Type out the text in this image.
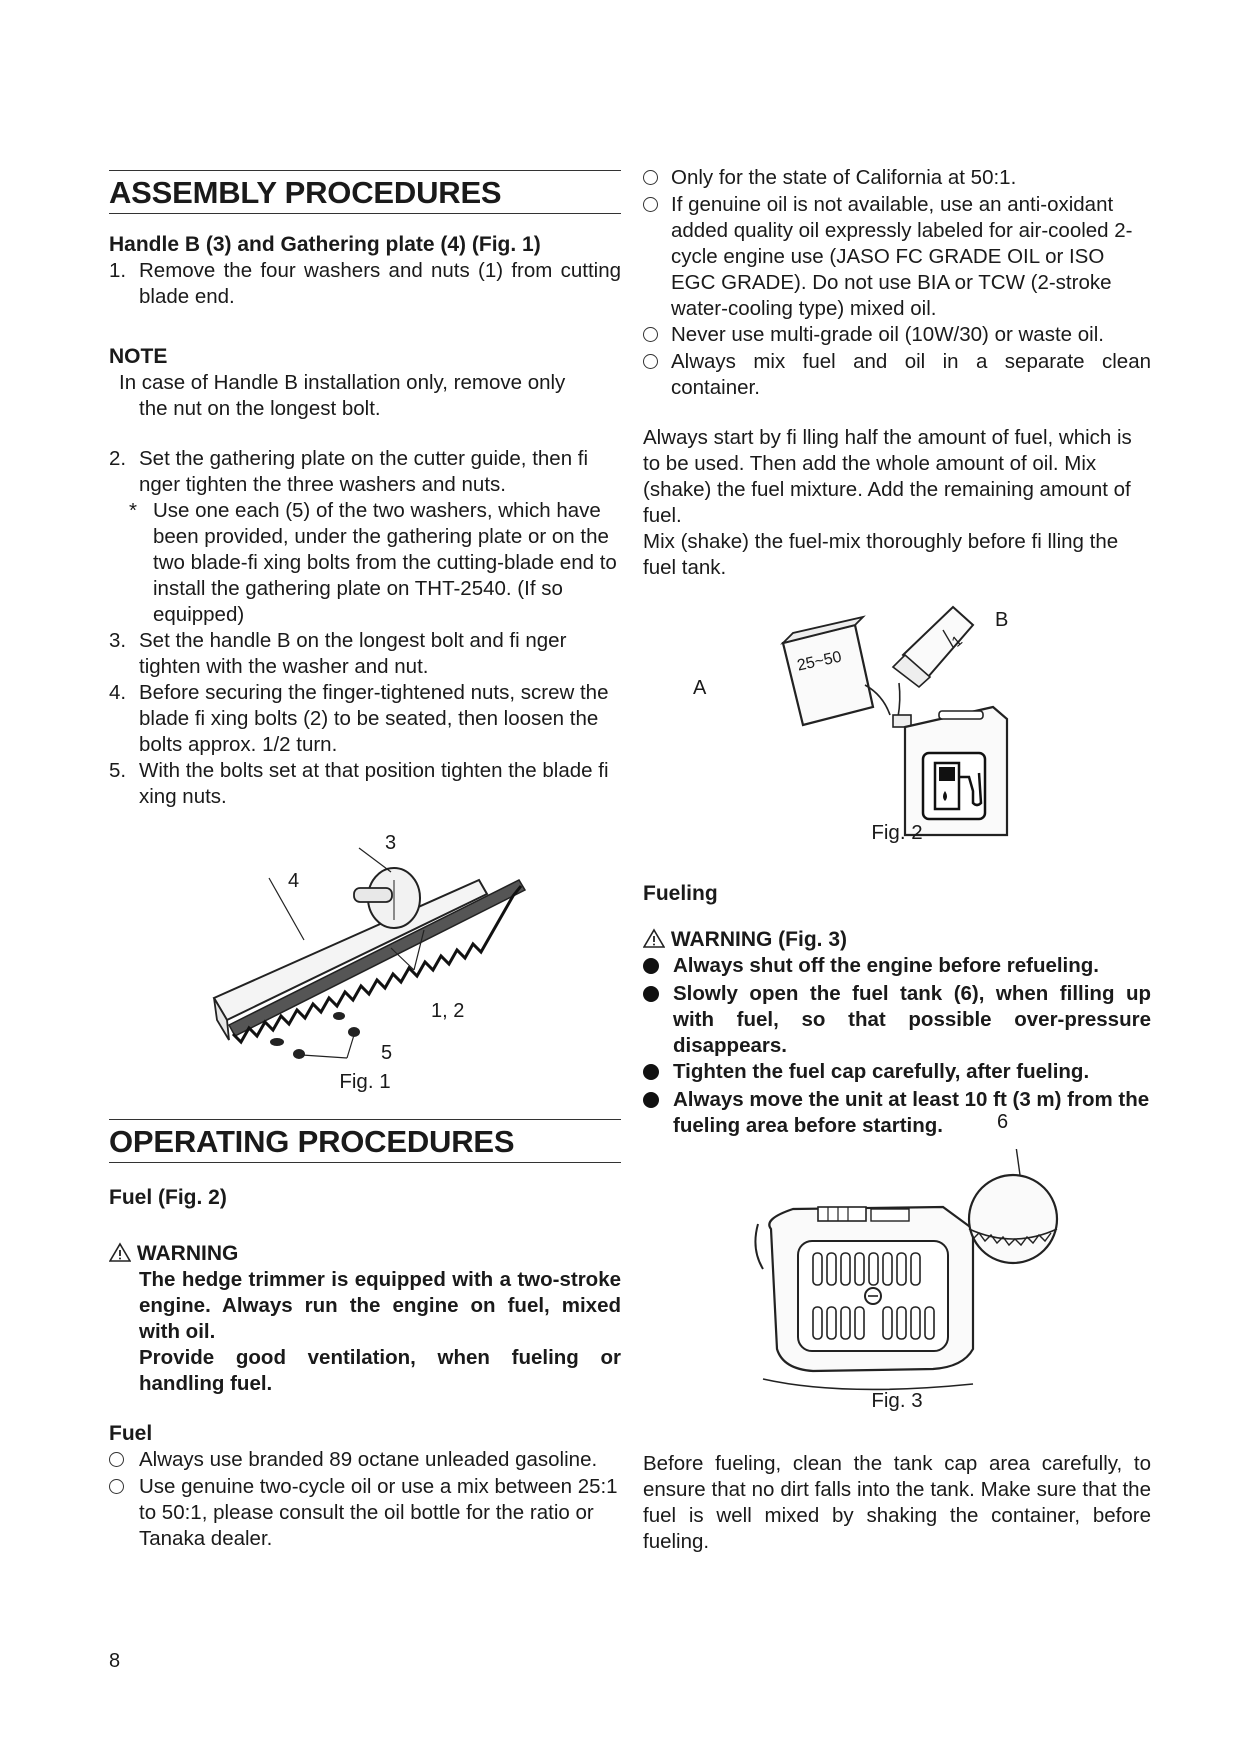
ASSEMBLY PROCEDURES

Handle B (3) and Gathering plate (4) (Fig. 1)

1. Remove the four washers and nuts (1) from cutting blade end.

NOTE

In case of Handle B installation only, remove only

the nut on the longest bolt.

2. Set the gathering plate on the cutter guide, then fi nger tighten the three washers and nuts.
* Use one each (5) of the two washers, which have been provided, under the gathering plate or on the two blade-fi xing bolts from the cutting-blade end to install the gathering plate on THT-2540. (If so equipped)
3. Set the handle B on the longest bolt and fi nger tighten with the washer and nut.
4. Before securing the finger-tightened nuts, screw the blade fi xing bolts (2) to be seated, then loosen the bolts approx. 1/2 turn.
5. With the bolts set at that position tighten the blade fi xing nuts.
3
4
1, 2
5
Fig. 1
OPERATING PROCEDURES

Fuel (Fig. 2)

WARNING

The hedge trimmer is equipped with a two-stroke engine. Always run the engine on fuel, mixed with oil.

Provide good ventilation, when fueling or handling fuel.

Fuel

Always use branded 89 octane unleaded gasoline.
Use genuine two-cycle oil or use a mix between 25:1 to 50:1, please consult the oil bottle for the ratio or Tanaka dealer.
Only for the state of California at 50:1.
If genuine oil is not available, use an anti-oxidant added quality oil expressly labeled for air-cooled 2-cycle engine use (JASO FC GRADE OIL or ISO EGC GRADE). Do not use BIA or TCW (2-stroke water-cooling type) mixed oil.
Never use multi-grade oil (10W/30) or waste oil.
Always mix fuel and oil in a separate clean container.

Always start by fi lling half the amount of fuel, which is to be used. Then add the whole amount of oil. Mix (shake) the fuel mixture. Add the remaining amount of fuel.

Mix (shake) the fuel-mix thoroughly before fi lling the fuel tank.

A
B
25~50
1
Fig. 2

Fueling

WARNING (Fig. 3)

Always shut off the engine before refueling.
Slowly open the fuel tank (6), when filling up with fuel, so that possible over-pressure disappears.
Tighten the fuel cap carefully, after fueling.
Always move the unit at least 10 ft (3 m) from the fueling area before starting.	6
Fig. 3

Before fueling, clean the tank cap area carefully, to ensure that no dirt falls into the tank. Make sure that the fuel is well mixed by shaking the container, before fueling.

8
